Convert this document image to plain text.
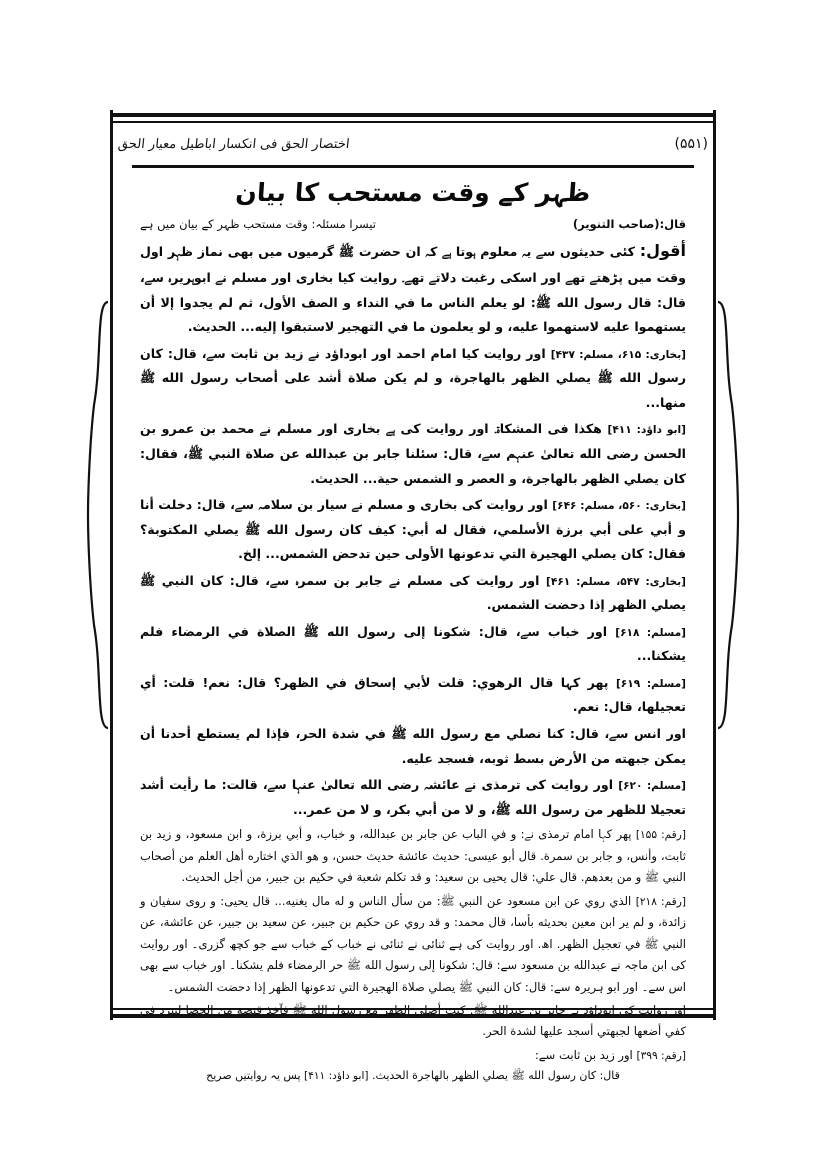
اختصار الحق فی انکسار اباطیل معیار الحق	(۵۵۱)
ظہر کے وقت مستحب کا بیان
قال:(صاحب التنویر)
تیسرا مسئلہ: وقت مستحب ظہر کے بیان میں ہے

أقول: کئی حدیثوں سے یہ معلوم ہوتا ہے کہ ان حضرت ﷺ گرمیوں میں بھی نماز ظہر اول وقت میں پڑھتے تھے اور اسکی رغبت دلاتے تھے۔ روایت کیا بخاری اور مسلم نے ابوہریرہ سے، قال: قال رسول الله ﷺ: لو يعلم الناس ما في النداء و الصف الأول، ثم لم يجدوا إلا أن يستهموا عليه لاستهموا عليه، و لو يعلمون ما في التهجير لاستبقوا إليه... الحديث.

[بخاری: ۶۱۵، مسلم: ۴۳۷] اور روایت کیا امام احمد اور ابوداؤد نے زید بن ثابت سے، قال: کان رسول الله ﷺ يصلي الظهر بالهاجرة، و لم يكن صلاة أشد على أصحاب رسول الله ﷺ منها...

[ابو داؤد: ۴۱۱] ھکذا فی المشکاۃ۔ اور روایت کی ہے بخاری اور مسلم نے محمد بن عمرو بن الحسن رضی الله تعالیٰ عنہم سے، قال: سئلنا جابر بن عبدالله عن صلاة النبي ﷺ، فقال: كان يصلي الظهر بالهاجرة، و العصر و الشمس حية... الحديث.

[بخاری: ۵۶۰، مسلم: ۶۴۶] اور روایت کی بخاری و مسلم نے سیار بن سلامہ سے، قال: دخلت أنا و أبي على أبي برزة الأسلمي، فقال له أبي: كيف كان رسول الله ﷺ يصلي المكتوبة؟ فقال: كان يصلي الهجيرة التي تدعونها الأولى حين تدحض الشمس... إلخ.

[بخاری: ۵۴۷، مسلم: ۴۶۱] اور روایت کی مسلم نے جابر بن سمرہ سے، قال: كان النبي ﷺ يصلي الظهر إذا دحضت الشمس.

[مسلم: ۶۱۸] اور خباب سے، قال: شكونا إلى رسول الله ﷺ الصلاة في الرمضاء فلم يشكنا...

[مسلم: ۶۱۹] پھر کہا قال الرهوي: قلت لأبي إسحاق في الظهر؟ قال: نعم! قلت: أي تعجيلها، قال: نعم.

اور انس سے، قال: كنا نصلي مع رسول الله ﷺ في شدة الحر، فإذا لم يستطع أحدنا أن يمكن جبهته من الأرض بسط ثوبه، فسجد عليه.

[مسلم: ۶۲۰] اور روایت کی ترمذی نے عائشہ رضی الله تعالیٰ عنہا سے، قالت: ما رأيت أشد تعجيلا للظهر من رسول الله ﷺ، و لا من أبي بكر، و لا من عمر...

[رقم: ۱۵۵] پھر کہا امام ترمذی نے: و في الباب عن جابر بن عبدالله، و خباب، و أبي برزة، و ابن مسعود، و زيد بن ثابت، وأنس، و جابر بن سمرة. قال أبو عيسى: حديث عائشة حديث حسن، و هو الذي اختاره أهل العلم من أصحاب النبي ﷺ و من بعدهم. قال علي: قال يحيى بن سعيد: و قد تكلم شعبة في حكيم بن جبير، من أجل الحديث.

[رقم: ۲۱۸] الذي روي عن ابن مسعود عن النبي ﷺ: من سأل الناس و له مال يغنيه... قال يحيى: و روى سفيان و زائدة، و لم ير ابن معين بحديثه بأسا، قال محمد: و قد روي عن حكيم بن جبير، عن سعيد بن جبير، عن عائشة، عن النبي ﷺ في تعجيل الظهر. اھ. اور روایت کی ہے ثنائی نے ثنائی نے خباب کے خباب سے جو کچھ گزری۔ اور روایت کی ابن ماجہ نے عبدالله بن مسعود سے: قال: شكونا إلى رسول الله ﷺ حر الرمضاء فلم يشكنا۔ اور خباب سے بھی اس سے۔ اور ابو ہریرہ سے: قال: كان النبي ﷺ يصلي صلاة الهجيرة التي تدعونها الظهر إذا دحضت الشمس۔

اور روایت کی ابوداؤد نے جابر بن عبدالله ﷺ: كنت أصلي الظهر مع رسول الله ﷺ فآخذ قبضة من الحصا لتبرد في كفي أضعها لجبهتي أسجد عليها لشدة الحر.

[رقم: ۳۹۹] اور زید بن ثابت سے:

قال: كان رسول الله ﷺ يصلي الظهر بالهاجرة الحديث. [ابو داؤد: ۴۱۱] پس یہ روایتیں صریح
